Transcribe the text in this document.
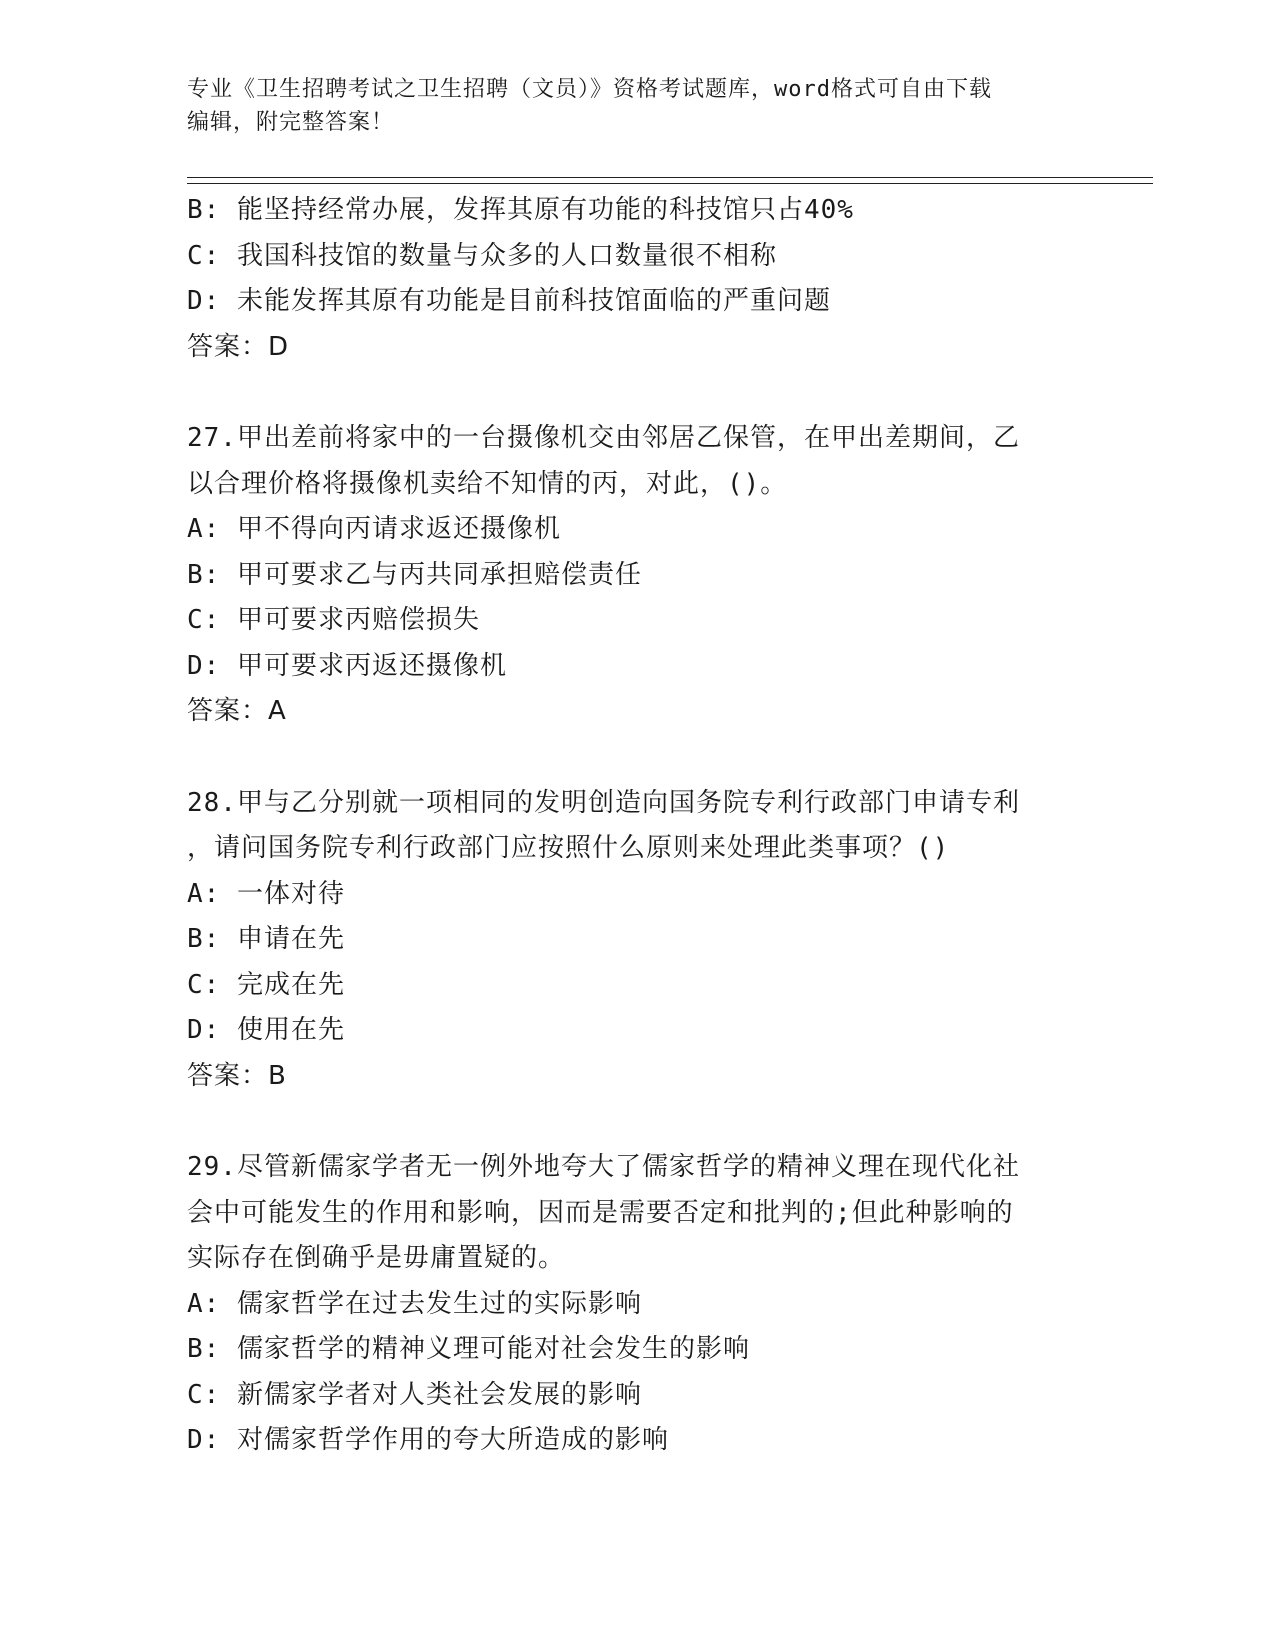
专业《卫生招聘考试之卫生招聘（文员）》资格考试题库，word格式可自由下载
编辑，附完整答案！
B: 能坚持经常办展，发挥其原有功能的科技馆只占40%
C: 我国科技馆的数量与众多的人口数量很不相称
D: 未能发挥其原有功能是目前科技馆面临的严重问题
答案：D
27.甲出差前将家中的一台摄像机交由邻居乙保管，在甲出差期间，乙
以合理价格将摄像机卖给不知情的丙，对此，()。
A: 甲不得向丙请求返还摄像机
B: 甲可要求乙与丙共同承担赔偿责任
C: 甲可要求丙赔偿损失
D: 甲可要求丙返还摄像机
答案：A
28.甲与乙分别就一项相同的发明创造向国务院专利行政部门申请专利
，请问国务院专利行政部门应按照什么原则来处理此类事项？()
A: 一体对待
B: 申请在先
C: 完成在先
D: 使用在先
答案：B
29.尽管新儒家学者无一例外地夸大了儒家哲学的精神义理在现代化社
会中可能发生的作用和影响，因而是需要否定和批判的;但此种影响的
实际存在倒确乎是毋庸置疑的。
A: 儒家哲学在过去发生过的实际影响
B: 儒家哲学的精神义理可能对社会发生的影响
C: 新儒家学者对人类社会发展的影响
D: 对儒家哲学作用的夸大所造成的影响
